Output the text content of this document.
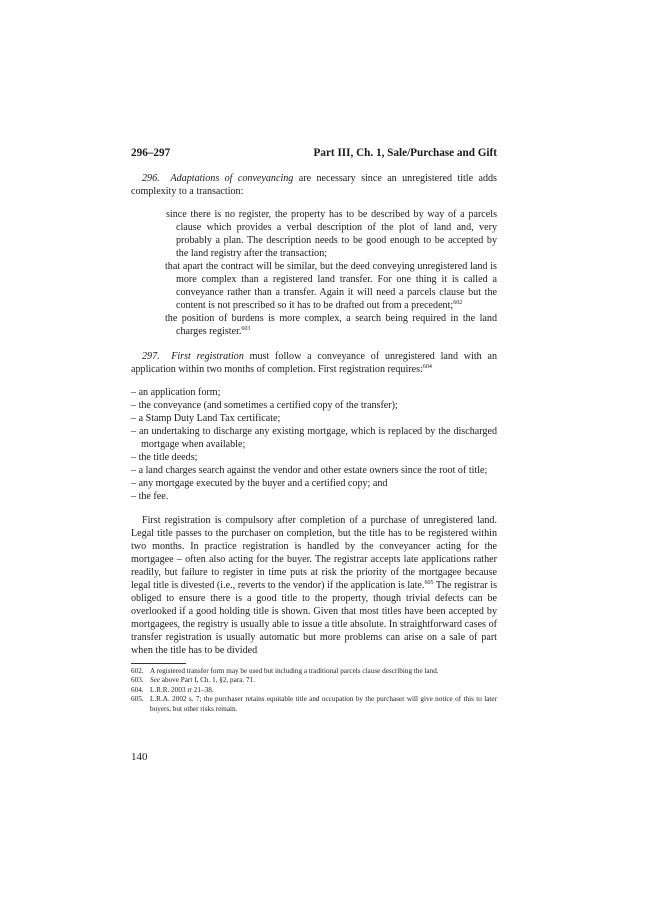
296–297	Part III, Ch. 1, Sale/Purchase and Gift

296. Adaptations of conveyancing are necessary since an unregistered title adds complexity to a transaction:

since there is no register, the property has to be described by way of a parcels clause which provides a verbal description of the plot of land and, very probably a plan. The description needs to be good enough to be accepted by the land registry after the transaction;

that apart the contract will be similar, but the deed conveying unregistered land is more complex than a registered land transfer. For one thing it is called a conveyance rather than a transfer. Again it will need a parcels clause but the content is not prescribed so it has to be drafted out from a precedent;$^{602}$

the position of burdens is more complex, a search being required in the land charges register.$^{603}$

297. First registration must follow a conveyance of unregistered land with an application within two months of completion. First registration requires:$^{604}$

– an application form;
– the conveyance (and sometimes a certified copy of the transfer);
– a Stamp Duty Land Tax certificate;
– an undertaking to discharge any existing mortgage, which is replaced by the discharged mortgage when available;
– the title deeds;
– a land charges search against the vendor and other estate owners since the root of title;
– any mortgage executed by the buyer and a certified copy; and
– the fee.

First registration is compulsory after completion of a purchase of unregistered land. Legal title passes to the purchaser on completion, but the title has to be registered within two months. In practice registration is handled by the conveyancer acting for the mortgagee – often also acting for the buyer. The registrar accepts late applications rather readily, but failure to register in time puts at risk the priority of the mortgagee because legal title is divested (i.e., reverts to the vendor) if the application is late.$^{605}$ The registrar is obliged to ensure there is a good title to the property, though trivial defects can be overlooked if a good holding title is shown. Given that most titles have been accepted by mortgagees, the registry is usually able to issue a title absolute. In straightforward cases of transfer registration is usually automatic but more problems can arise on a sale of part when the title has to be divided

602. A registered transfer form may be used but including a traditional parcels clause describing the land.

603. See above Part I, Ch. 1, §2, para. 71.

604. L.R.R. 2003 rr 21–38.

605. L.R.A. 2002 s. 7; the purchaser retains equitable title and occupation by the purchaser will give notice of this to later buyers, but other risks remain.

140
